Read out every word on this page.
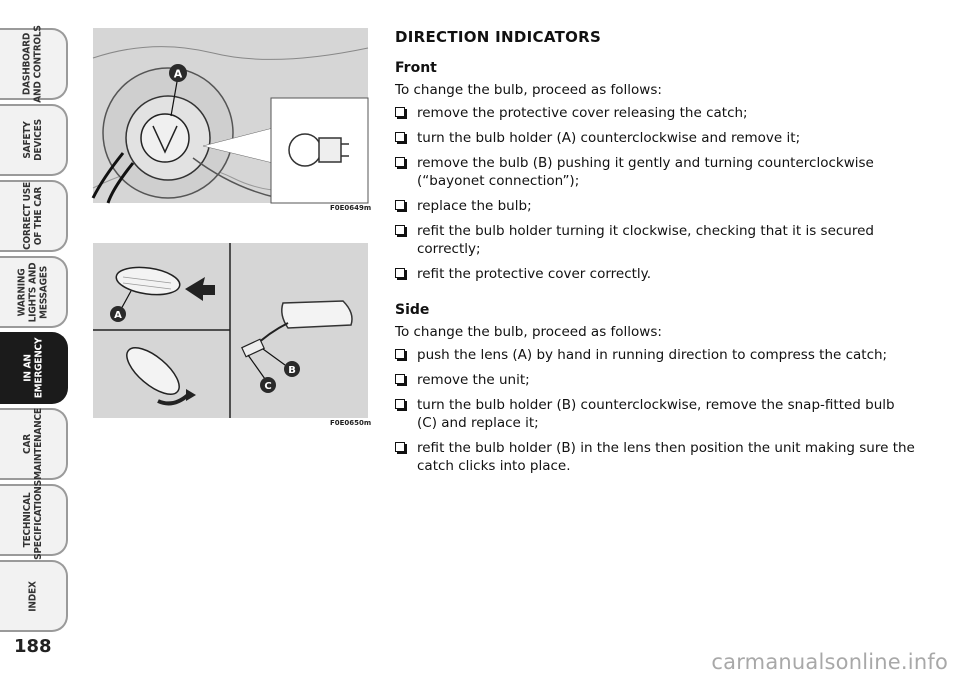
DASHBOARD
AND CONTROLS
SAFETY
DEVICES
CORRECT USE
OF THE CAR
WARNING
LIGHTS AND
MESSAGES
IN AN
EMERGENCY
CAR
MAINTENANCE
TECHNICAL
SPECIFICATIONS
INDEX
188
A
F0E0649m
A
B
C
F0E0650m
DIRECTION INDICATORS
Front
To change the bulb, proceed as follows:
remove the protective cover releasing the catch;
turn the bulb holder (A) counterclockwise and remove it;
remove the bulb (B) pushing it gently and turning counterclockwise (“bayonet connection”);
replace the bulb;
refit the bulb holder turning it clockwise, checking that it is secured correctly;
refit the protective cover correctly.
Side
To change the bulb, proceed as follows:
push the lens (A) by hand in running direction to compress the catch;
remove the unit;
turn the bulb holder (B) counterclockwise, remove the snap-fitted bulb (C) and replace it;
refit the bulb holder (B) in the lens then position the unit making sure the catch clicks into place.
carmanualsonline.info
